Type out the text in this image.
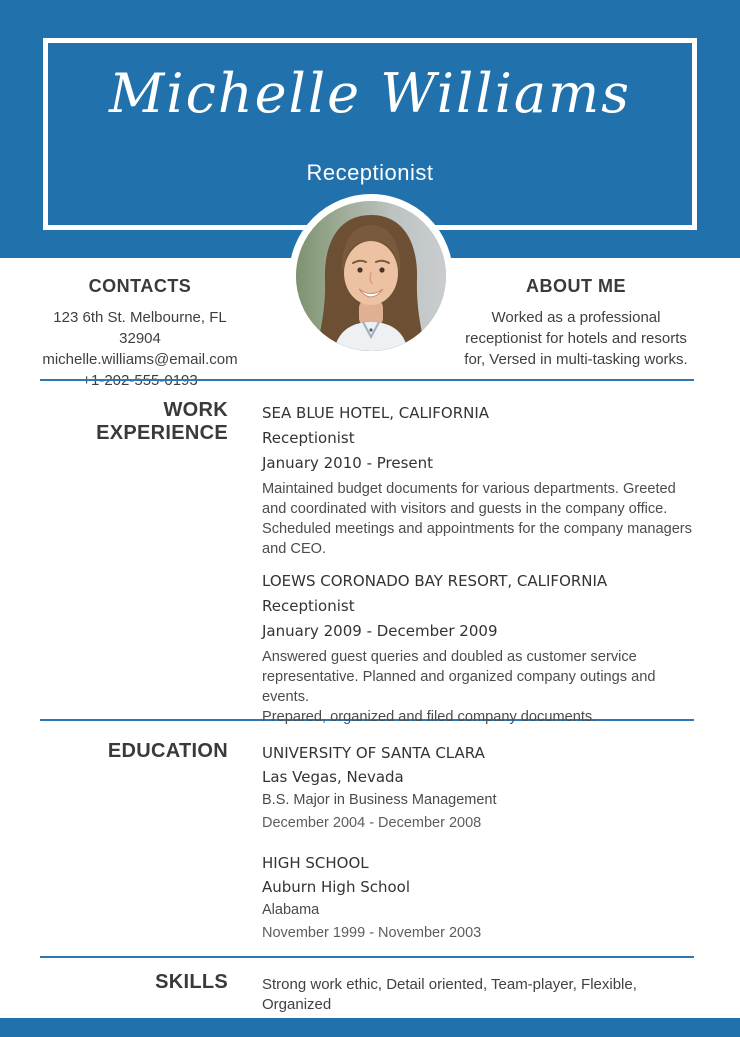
Michelle Williams
Receptionist
CONTACTS
123 6th St. Melbourne, FL 32904
michelle.williams@email.com
ABOUT ME
Worked as a professional
receptionist for hotels and resorts
for, Versed in multi-tasking works.
WORK EXPERIENCE
SEA BLUE HOTEL, CALIFORNIA
Receptionist
January 2010 - Present
Maintained budget documents for various departments. Greeted
and coordinated with visitors and guests in the company office.
Scheduled meetings and appointments for the company managers
and CEO.
LOEWS CORONADO BAY RESORT, CALIFORNIA
Receptionist
January 2009 - December 2009
Answered guest queries and doubled as customer service
representative. Planned and organized company outings and events.
Prepared, organized and filed company documents.
EDUCATION UNIVERSITY OF SANTA CLARA
Las Vegas, Nevada
B.S. Major in Business Management
December 2004 - December 2008
HIGH SCHOOL
Auburn High School
Alabama
November 1999 - November 2003
SKILLS Strong work ethic, Detail oriented, Team-player, Flexible, Organized
